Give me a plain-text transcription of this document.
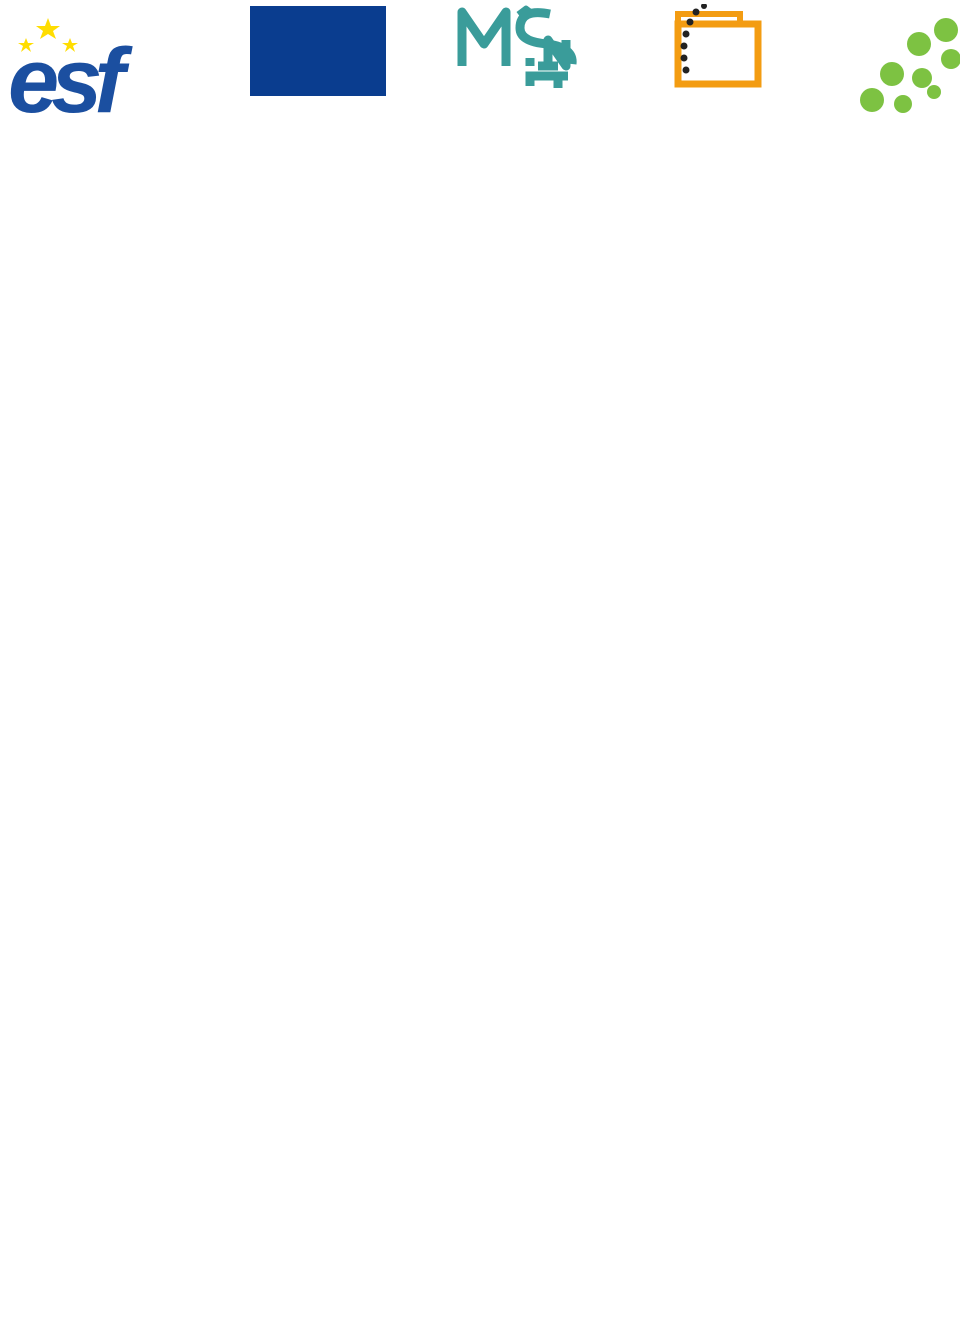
esf
